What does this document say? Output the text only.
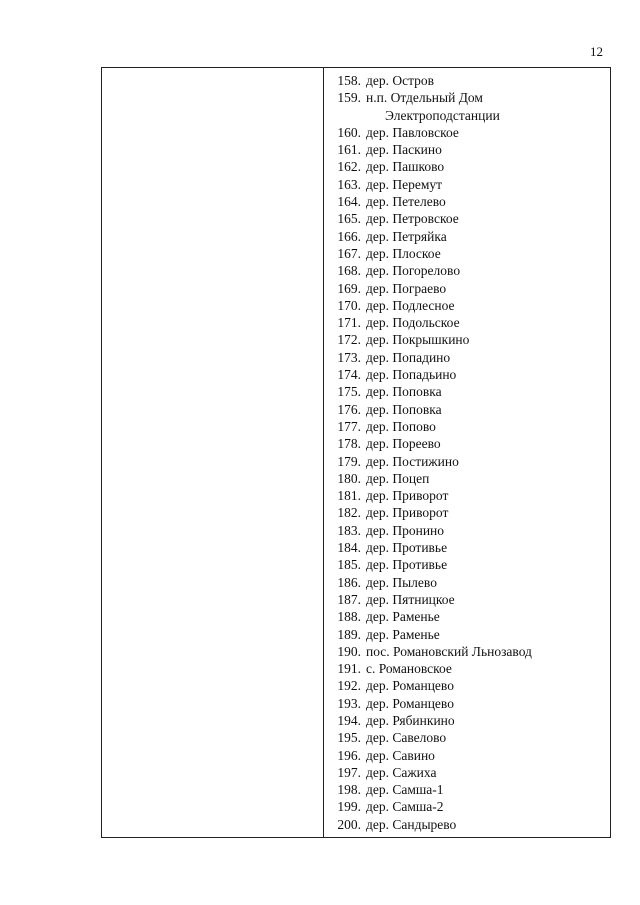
12
158. дер. Остров
159. н.п. Отдельный Дом
Электроподстанции
160. дер. Павловское
161. дер. Паскино
162. дер. Пашково
163. дер. Перемут
164. дер. Петелево
165. дер. Петровское
166. дер. Петряйка
167. дер. Плоское
168. дер. Погорелово
169. дер. Пограево
170. дер. Подлесное
171. дер. Подольское
172. дер. Покрышкино
173. дер. Попадино
174. дер. Попадьино
175. дер. Поповка
176. дер. Поповка
177. дер. Попово
178. дер. Пореево
179. дер. Постижино
180. дер. Поцеп
181. дер. Приворот
182. дер. Приворот
183. дер. Пронино
184. дер. Противье
185. дер. Противье
186. дер. Пылево
187. дер. Пятницкое
188. дер. Раменье
189. дер. Раменье
190. пос. Романовский Льнозавод
191. с. Романовское
192. дер. Романцево
193. дер. Романцево
194. дер. Рябинкино
195. дер. Савелово
196. дер. Савино
197. дер. Сажиха
198. дер. Самша-1
199. дер. Самша-2
200. дер. Сандырево
